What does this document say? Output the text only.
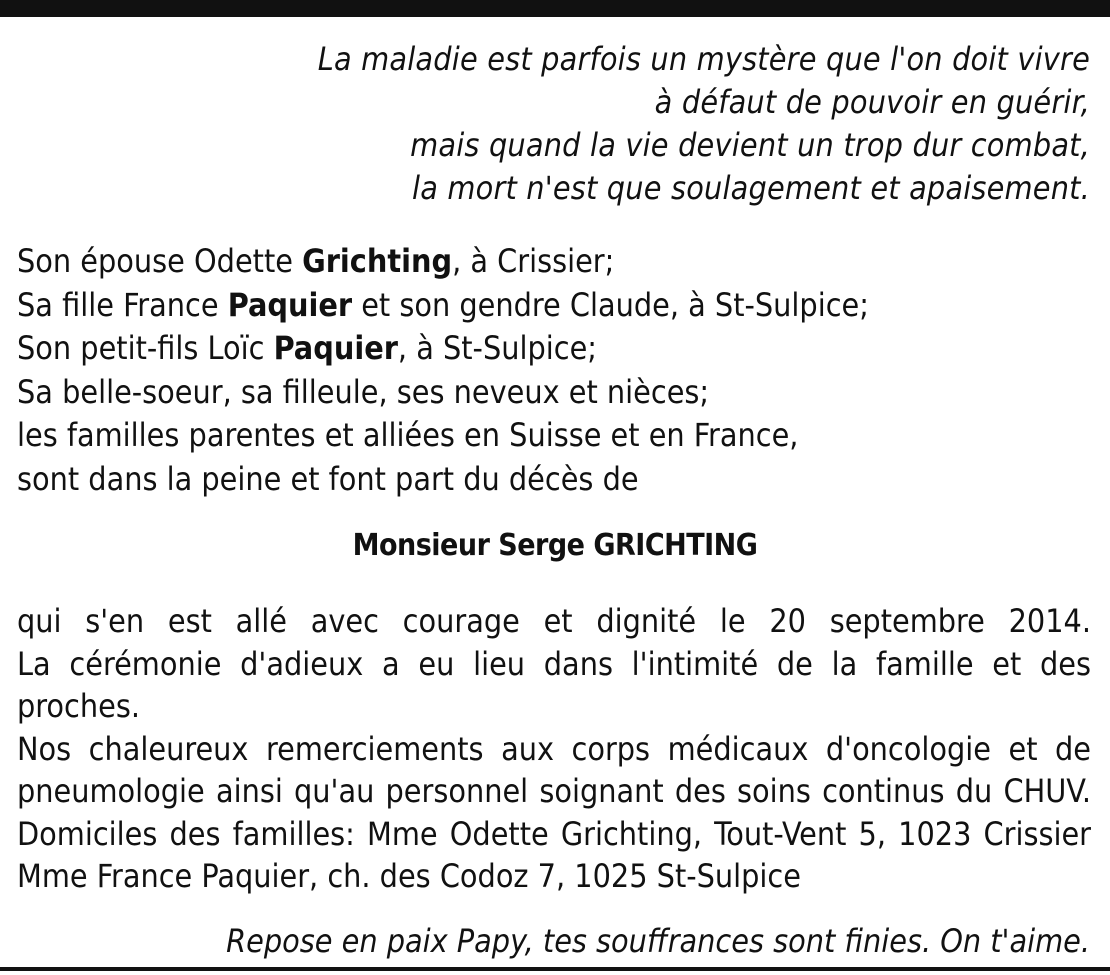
La maladie est parfois un mystère que l'on doit vivre
à défaut de pouvoir en guérir,
mais quand la vie devient un trop dur combat,
la mort n'est que soulagement et apaisement.
Son épouse Odette Grichting, à Crissier;
Sa fille France Paquier et son gendre Claude, à St-Sulpice;
Son petit-fils Loïc Paquier, à St-Sulpice;
Sa belle-soeur, sa filleule, ses neveux et nièces;
les familles parentes et alliées en Suisse et en France,
sont dans la peine et font part du décès de
Monsieur Serge GRICHTING
qui s'en est allé avec courage et dignité le 20 septembre 2014.
La cérémonie d'adieux a eu lieu dans l'intimité de la famille et des
proches.
Nos chaleureux remerciements aux corps médicaux d'oncologie et de
pneumologie ainsi qu'au personnel soignant des soins continus du CHUV.
Domiciles des familles: Mme Odette Grichting, Tout-Vent 5, 1023 Crissier
Mme France Paquier, ch. des Codoz 7, 1025 St-Sulpice
Repose en paix Papy, tes souffrances sont finies. On t'aime.
